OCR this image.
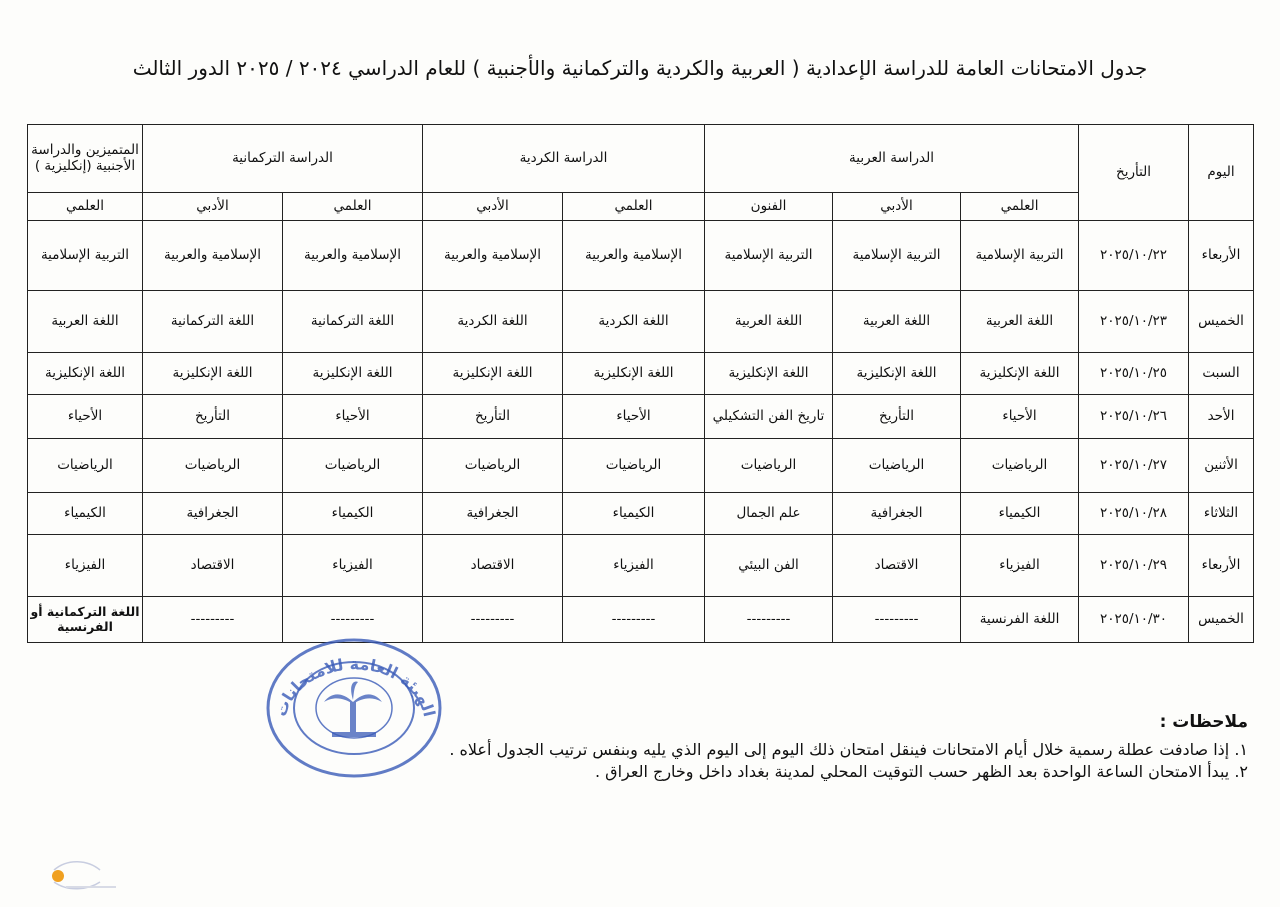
جدول الامتحانات العامة للدراسة الإعدادية ( العربية والكردية والتركمانية والأجنبية ) للعام الدراسي ٢٠٢٤ / ٢٠٢٥ الدور الثالث
اليوم	التأريخ	الدراسة العربية			الدراسة الكردية		الدراسة التركمانية		المتميزين والدراسة الأجنبية (إنكليزية )
		العلمي	الأدبي	الفنون	العلمي	الأدبي	العلمي	الأدبي	العلمي
الأربعاء	٢٠٢٥/١٠/٢٢	التربية الإسلامية	التربية الإسلامية	التربية الإسلامية	الإسلامية والعربية	الإسلامية والعربية	الإسلامية والعربية	الإسلامية والعربية	التربية الإسلامية
الخميس	٢٠٢٥/١٠/٢٣	اللغة العربية	اللغة العربية	اللغة العربية	اللغة الكردية	اللغة الكردية	اللغة التركمانية	اللغة التركمانية	اللغة العربية
السبت	٢٠٢٥/١٠/٢٥	اللغة الإنكليزية	اللغة الإنكليزية	اللغة الإنكليزية	اللغة الإنكليزية	اللغة الإنكليزية	اللغة الإنكليزية	اللغة الإنكليزية	اللغة الإنكليزية
الأحد	٢٠٢٥/١٠/٢٦	الأحياء	التأريخ	تاريخ الفن التشكيلي	الأحياء	التأريخ	الأحياء	التأريخ	الأحياء
الأثنين	٢٠٢٥/١٠/٢٧	الرياضيات	الرياضيات	الرياضيات	الرياضيات	الرياضيات	الرياضيات	الرياضيات	الرياضيات
الثلاثاء	٢٠٢٥/١٠/٢٨	الكيمياء	الجغرافية	علم الجمال	الكيمياء	الجغرافية	الكيمياء	الجغرافية	الكيمياء
الأربعاء	٢٠٢٥/١٠/٢٩	الفيزياء	الاقتصاد	الفن البيئي	الفيزياء	الاقتصاد	الفيزياء	الاقتصاد	الفيزياء
الخميس	٢٠٢٥/١٠/٣٠	اللغة الفرنسية	---------	---------	---------	---------	---------	---------	اللغة التركمانية أو الفرنسية
الهيئة العامة للامتحانات	ملاحظات :
١. إذا صادفت عطلة رسمية خلال أيام الامتحانات فينقل امتحان ذلك اليوم إلى اليوم الذي يليه وبنفس ترتيب الجدول أعلاه .
٢. يبدأ الامتحان الساعة الواحدة بعد الظهر حسب التوقيت المحلي لمدينة بغداد داخل وخارج العراق .
